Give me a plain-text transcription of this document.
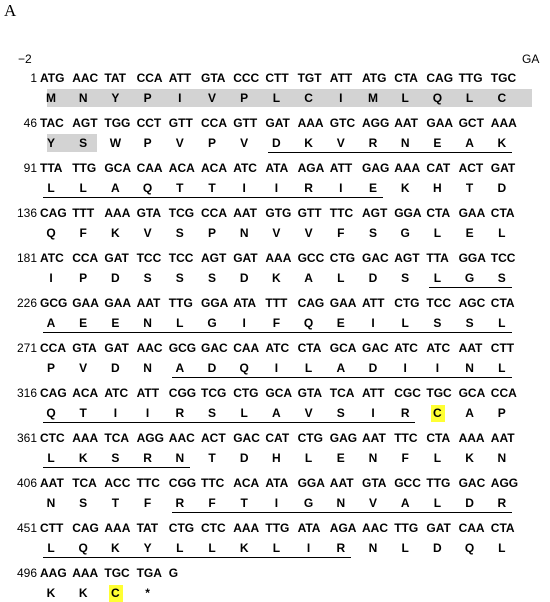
A
−2	GA
1 ATG AAC TAT CCA ATT GTA CCC CTT TGT ATT ATG CTA CAG TTG TGC
M	N	Y	P	I	V	P	L	C	I	M	L	Q	L	C
46 TAC AGT TGG CCT GTT CCA GTT GAT AAA GTC AGG AAT GAA GCT AAA
Y	S	W	P	V	P	V	D	K	V	R	N	E	A	K
91 TTA TTG GCA CAA ACA ACA ATC ATA AGA ATT GAG AAA CAT ACT GAT
L	L	A	Q	T	T	I	I	R	I	E	K	H	T	D
136 CAG TTT AAA GTA TCG CCA AAT GTG GTT TTC AGT GGA CTA GAA CTA
Q	F	K	V	S	P	N	V	V	F	S	G	L	E	L
181 ATC CCA GAT TCC TCC AGT GAT AAA GCC CTG GAC AGT TTA GGA TCC
I	P	D	S	S	S	D	K	A	L	D	S	L	G	S
226 GCG GAA GAA AAT TTG GGA ATA TTT CAG GAA ATT CTG TCC AGC CTA
A	E	E	N	L	G	I	F	Q	E	I	L	S	S	L
271 CCA GTA GAT AAC GCG GAC CAA ATC CTA GCA GAC ATC ATC AAT CTT
P	V	D	N	A	D	Q	I	L	A	D	I	I	N	L
316 CAG ACA ATC ATT CGG TCG CTG GCA GTA TCA ATT CGC TGC GCA CCA
Q	T	I	I	R	S	L	A	V	S	I	R	C	A	P
361 CTC AAA TCA AGG AAC ACT GAC CAT CTG GAG AAT TTC CTA AAA AAT
L	K	S	R	N	T	D	H	L	E	N	F	L	K	N
406 AAT TCA ACC TTC CGG TTC ACA ATA GGA AAT GTA GCC TTG GAC AGG
N	S	T	F	R	F	T	I	G	N	V	A	L	D	R
451 CTT CAG AAA TAT CTG CTC AAA TTG ATA AGA AAC TTG GAT CAA CTA
L	Q	K	Y	L	L	K	L	I	R	N	L	D	Q	L
496 AAG AAA TGC TGA G
K	K	C	*
